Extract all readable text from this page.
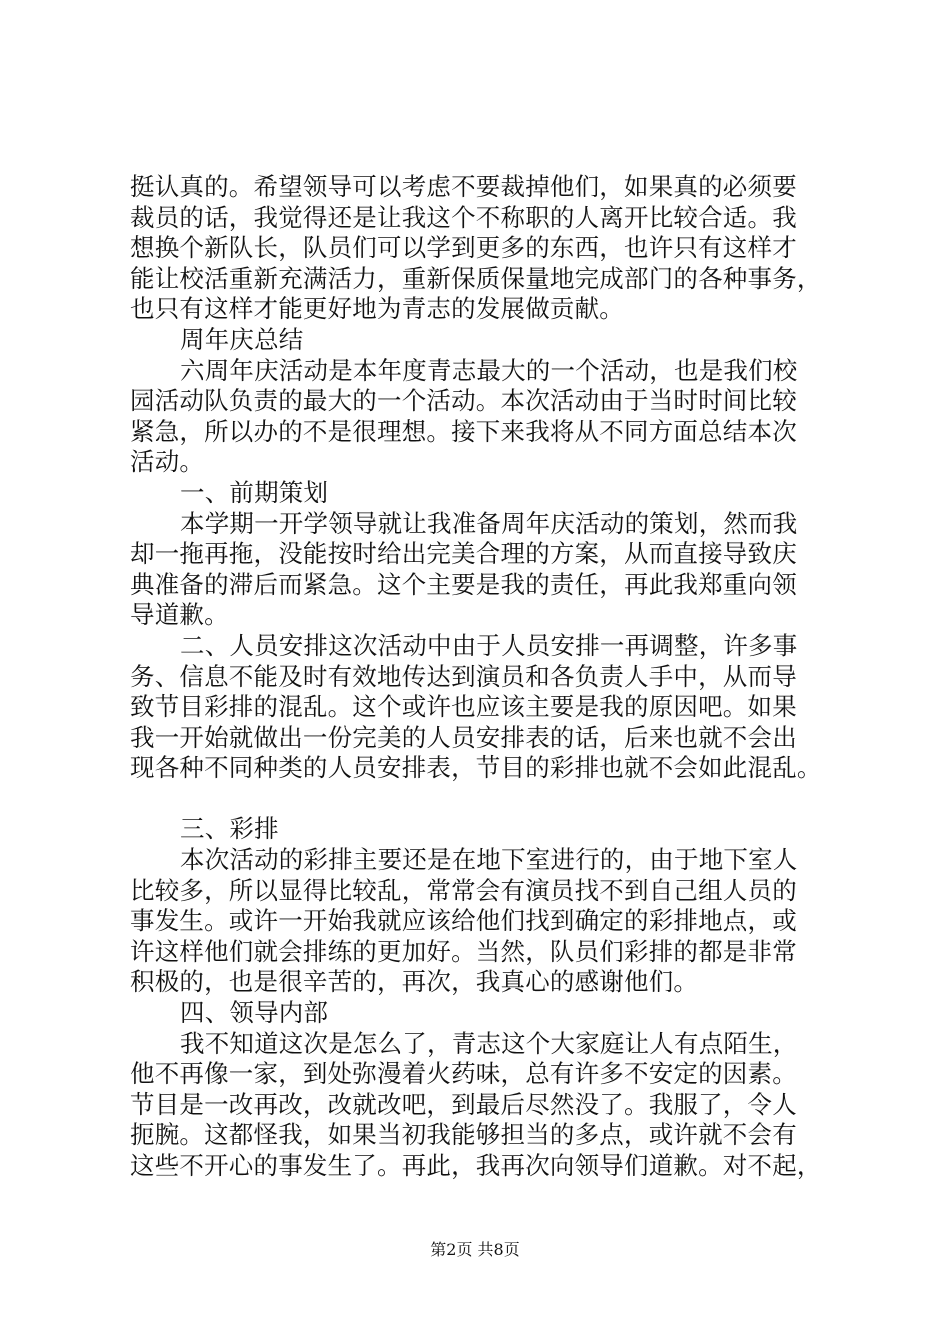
挺认真的。希望领导可以考虑不要裁掉他们，如果真的必须要
裁员的话，我觉得还是让我这个不称职的人离开比较合适。我
想换个新队长，队员们可以学到更多的东西，也许只有这样才
能让校活重新充满活力，重新保质保量地完成部门的各种事务，
也只有这样才能更好地为青志的发展做贡献。
周年庆总结
六周年庆活动是本年度青志最大的一个活动，也是我们校
园活动队负责的最大的一个活动。本次活动由于当时时间比较
紧急，所以办的不是很理想。接下来我将从不同方面总结本次
活动。
一、前期策划
本学期一开学领导就让我准备周年庆活动的策划，然而我
却一拖再拖，没能按时给出完美合理的方案，从而直接导致庆
典准备的滞后而紧急。这个主要是我的责任，再此我郑重向领
导道歉。
二、人员安排这次活动中由于人员安排一再调整，许多事
务、信息不能及时有效地传达到演员和各负责人手中，从而导
致节目彩排的混乱。这个或许也应该主要是我的原因吧。如果
我一开始就做出一份完美的人员安排表的话，后来也就不会出
现各种不同种类的人员安排表，节目的彩排也就不会如此混乱。
三、彩排
本次活动的彩排主要还是在地下室进行的，由于地下室人
比较多，所以显得比较乱，常常会有演员找不到自己组人员的
事发生。或许一开始我就应该给他们找到确定的彩排地点，或
许这样他们就会排练的更加好。当然，队员们彩排的都是非常
积极的，也是很辛苦的，再次，我真心的感谢他们。
四、领导内部
我不知道这次是怎么了，青志这个大家庭让人有点陌生，
他不再像一家，到处弥漫着火药味，总有许多不安定的因素。
节目是一改再改，改就改吧，到最后尽然没了。我服了，令人
扼腕。这都怪我，如果当初我能够担当的多点，或许就不会有
这些不开心的事发生了。再此，我再次向领导们道歉。对不起，
第2页 共8页
